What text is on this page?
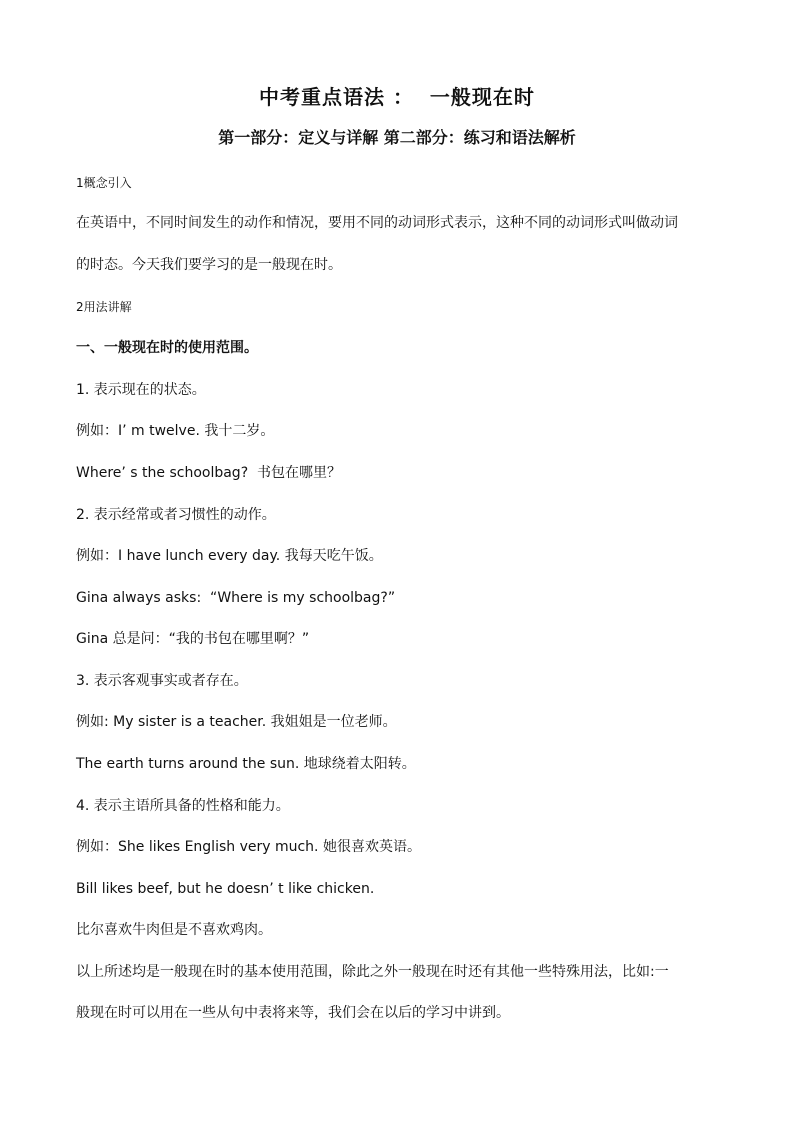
中考重点语法 ：  一般现在时
第一部分：定义与详解 第二部分：练习和语法解析
1概念引入
在英语中，不同时间发生的动作和情况，要用不同的动词形式表示，这种不同的动词形式叫做动词
的时态。今天我们要学习的是一般现在时。
2用法讲解
一、一般现在时的使用范围。
1. 表示现在的状态。
例如：I’ m twelve. 我十二岁。
Where’ s the schoolbag?  书包在哪里？
2. 表示经常或者习惯性的动作。
例如：I have lunch every day. 我每天吃午饭。
Gina always asks:  “Where is my schoolbag?”
Gina 总是问：“我的书包在哪里啊？”
3. 表示客观事实或者存在。
例如: My sister is a teacher. 我姐姐是一位老师。
The earth turns around the sun. 地球绕着太阳转。
4. 表示主语所具备的性格和能力。
例如：She likes English very much. 她很喜欢英语。
Bill likes beef, but he doesn’ t like chicken.
比尔喜欢牛肉但是不喜欢鸡肉。
以上所述均是一般现在时的基本使用范围，除此之外一般现在时还有其他一些特殊用法，比如:一
般现在时可以用在一些从句中表将来等，我们会在以后的学习中讲到。
